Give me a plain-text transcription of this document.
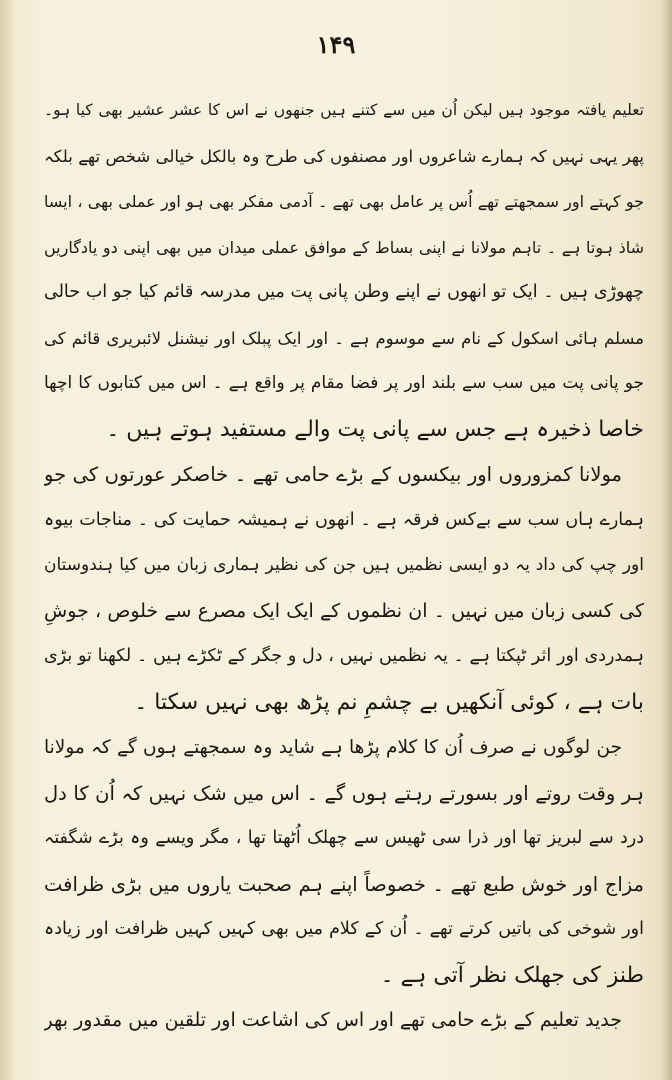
۱۴۹
تعلیم یافتہ موجود ہیں لیکن اُن میں سے کتنے ہیں جنھوں نے اس کا عشر عشیر بھی کیا ہو۔
پھر یہی نہیں کہ ہمارے شاعروں اور مصنفوں کی طرح وہ بالکل خیالی شخص تھے بلکہ
جو کہتے اور سمجھتے تھے اُس پر عامل بھی تھے ۔ آدمی مفکر بھی ہو اور عملی بھی ، ایسا
شاذ ہوتا ہے ۔ تاہم مولانا نے اپنی بساط کے موافق عملی میدان میں بھی اپنی دو یادگاریں
چھوڑی ہیں ۔ ایک تو انھوں نے اپنے وطن پانی پت میں مدرسہ قائم کیا جو اب حالی
مسلم ہائی اسکول کے نام سے موسوم ہے ۔ اور ایک پبلک اور نیشنل لائبریری قائم کی
جو پانی پت میں سب سے بلند اور پر فضا مقام پر واقع ہے ۔ اس میں کتابوں کا اچھا
خاصا ذخیرہ ہے جس سے پانی پت والے مستفید ہوتے ہیں ۔
مولانا کمزوروں اور بیکسوں کے بڑے حامی تھے ۔ خاصکر عورتوں کی جو
ہمارے ہاں سب سے بےکس فرقہ ہے ۔ انھوں نے ہمیشہ حمایت کی ۔ مناجات بیوہ
اور چپ کی داد یہ دو ایسی نظمیں ہیں جن کی نظیر ہماری زبان میں کیا ہندوستان
کی کسی زبان میں نہیں ۔ ان نظموں کے ایک ایک مصرع سے خلوص ، جوشِ
ہمدردی اور اثر ٹپکتا ہے ۔ یہ نظمیں نہیں ، دل و جگر کے ٹکڑے ہیں ۔ لکھنا تو بڑی
بات ہے ، کوئی آنکھیں بے چشمِ نم پڑھ بھی نہیں سکتا ۔
جن لوگوں نے صرف اُن کا کلام پڑھا ہے شاید وہ سمجھتے ہوں گے کہ مولانا
ہر وقت روتے اور بسورتے رہتے ہوں گے ۔ اس میں شک نہیں کہ اُن کا دل
درد سے لبریز تھا اور ذرا سی ٹھیس سے چھلک اُٹھتا تھا ، مگر ویسے وہ بڑے شگفتہ
مزاج اور خوش طبع تھے ۔ خصوصاً اپنے ہم صحبت یاروں میں بڑی ظرافت
اور شوخی کی باتیں کرتے تھے ۔ اُن کے کلام میں بھی کہیں کہیں ظرافت اور زیادہ
طنز کی جھلک نظر آتی ہے ۔
جدید تعلیم کے بڑے حامی تھے اور اس کی اشاعت اور تلقین میں مقدور بھر
